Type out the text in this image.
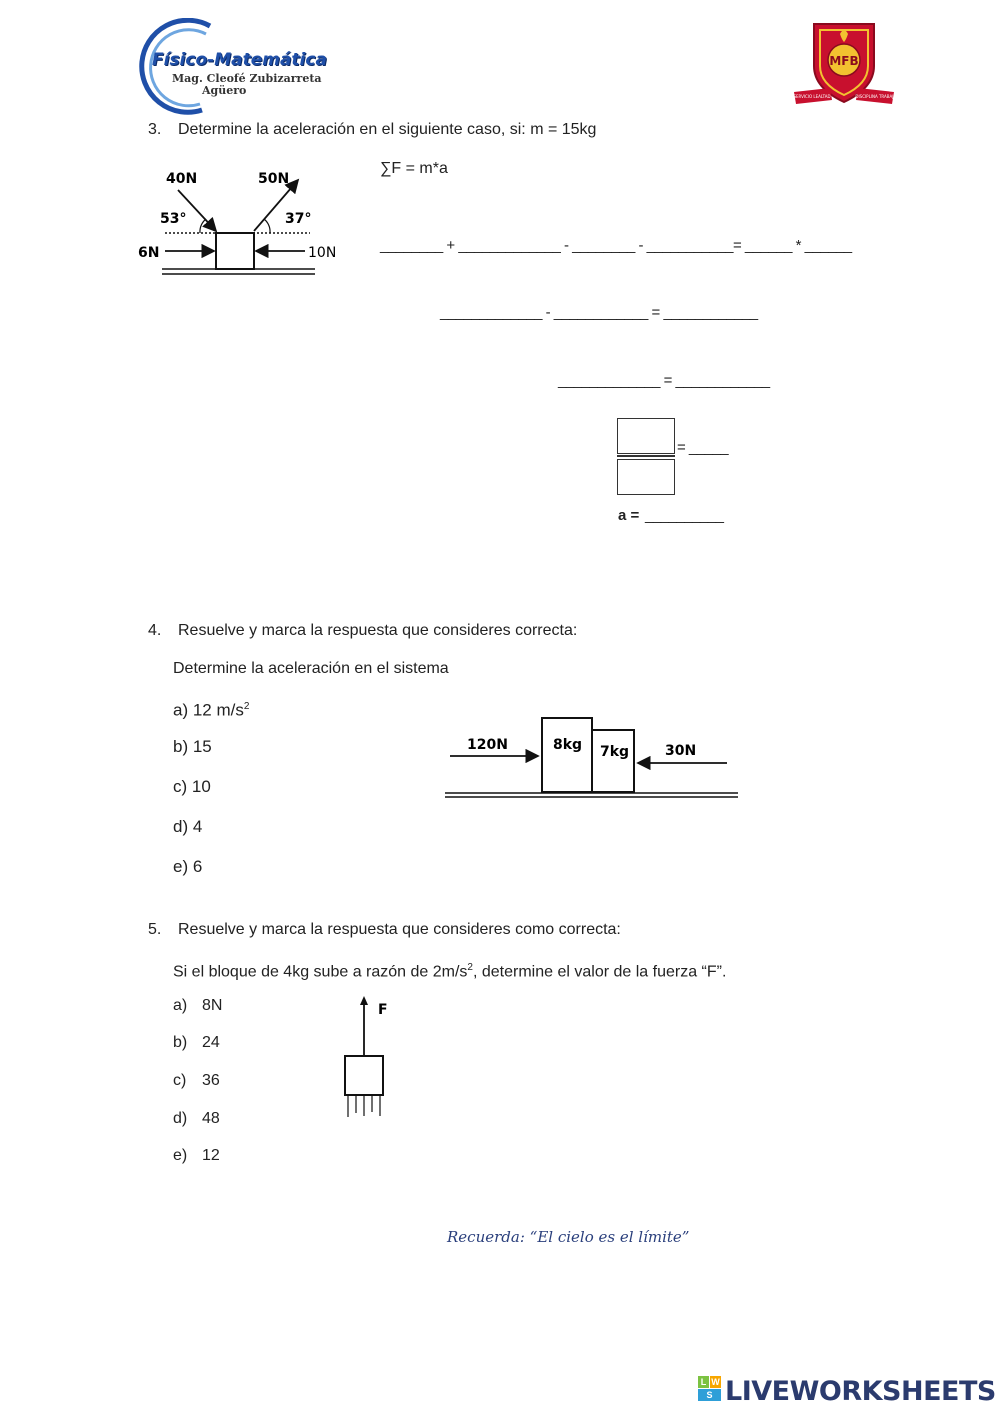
Físico-Matemática
Mag. Cleofé Zubizarreta
Agüero
MFB
SERVICIO LEALTAD	DISCIPLINA TRABAJO
3. Determine la aceleración en el siguiente caso, si: m = 15kg
40N	50N
53°	37°
6N	10N
∑F = m*a
________ + _____________ - ________ - ___________= ______ * ______
_____________ - ____________ = ____________
_____________ = ____________
= _____
a = __________
4. Resuelve y marca la respuesta que consideres correcta:
Determine la aceleración en el sistema
a) 12 $m/s^2$
b) 15
c) 10
d) 4
e) 6
120N	8kg 7kg	30N
5. Resuelve y marca la respuesta que consideres como correcta:
Si el bloque de 4kg sube a razón de $2m/s^2$, determine el valor de la fuerza “F”.
a) 8N
b) 24
c) 36
d) 48
e) 12
F
Recuerda: “El cielo es el límite”
L W
S LIVEWORKSHEETS
